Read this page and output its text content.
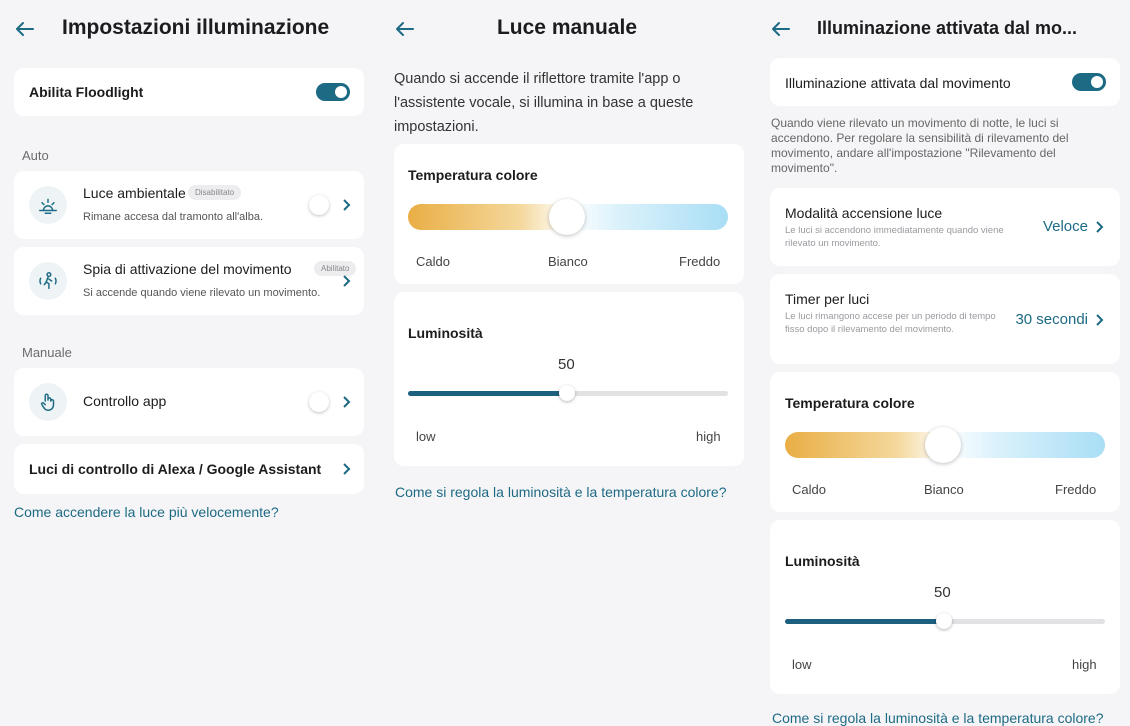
Impostazioni illuminazione
Abilita Floodlight
Auto
Luce ambientale	Disabilitato
Rimane accesa dal tramonto all'alba.
Spia di attivazione del movimento	Abilitato
Si accende quando viene rilevato un movimento.
Manuale
Controllo app
Luci di controllo di Alexa / Google Assistant
Come accendere la luce più velocemente?
Luce manuale
Quando si accende il riflettore tramite l'app o l'assistente vocale, si illumina in base a queste impostazioni.
Temperatura colore
Caldo	Bianco	Freddo
Luminosità
50
low	high
Come si regola la luminosità e la temperatura colore?
Illuminazione attivata dal mo...
Illuminazione attivata dal movimento
Quando viene rilevato un movimento di notte, le luci si accendono. Per regolare la sensibilità di rilevamento del movimento, andare all'impostazione "Rilevamento del movimento".
Modalità accensione luce
Le luci si accendono immediatamente quando viene rilevato un movimento.
Veloce
Timer per luci
Le luci rimangono accese per un periodo di tempo fisso dopo il rilevamento del movimento.
30 secondi
Temperatura colore
Caldo	Bianco	Freddo
Luminosità
50
low	high
Come si regola la luminosità e la temperatura colore?
